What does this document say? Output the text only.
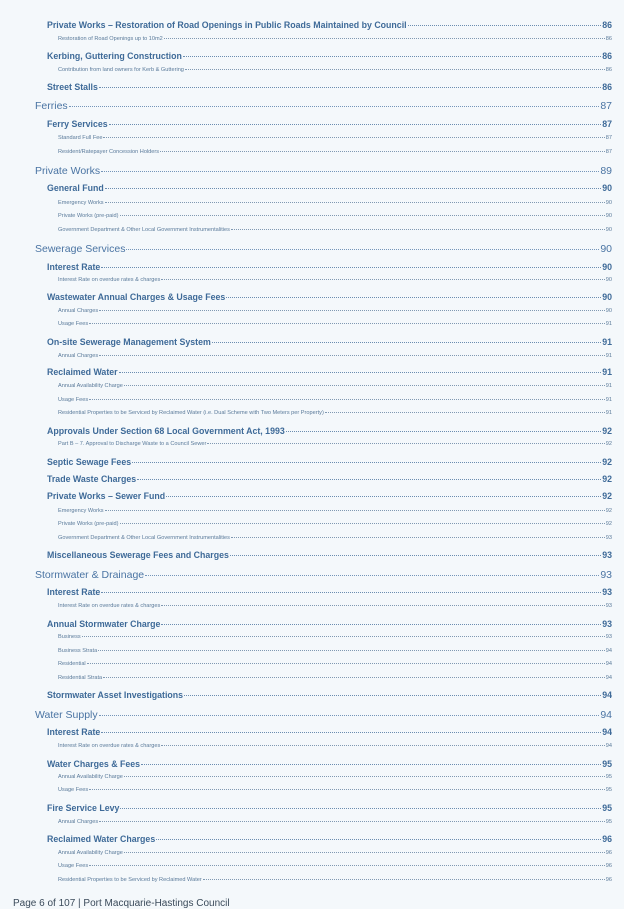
Private Works – Restoration of Road Openings in Public Roads Maintained by Council	86
Restoration of Road Openings up to 10m2	86
Kerbing, Guttering Construction	86
Contribution from land owners for Kerb & Guttering	86
Street Stalls	86
Ferries	87
Ferry Services	87
Standard Full Fee	87
Resident/Ratepayer Concession Holders	87
Private Works	89
General Fund	90
Emergency Works	90
Private Works (pre-paid)	90
Government Department & Other Local Government Instrumentalities	90
Sewerage Services	90
Interest Rate	90
Interest Rate on overdue rates & charges	90
Wastewater Annual Charges & Usage Fees	90
Annual Charges	90
Usage Fees	91
On-site Sewerage Management System	91
Annual Charges	91
Reclaimed Water	91
Annual Availability Charge	91
Usage Fees	91
Residential Properties to be Serviced by Reclaimed Water (i.e. Dual Scheme with Two Meters per Property)	91
Approvals Under Section 68 Local Government Act, 1993	92
Part B – 7. Approval to Discharge Waste to a Council Sewer	92
Septic Sewage Fees	92
Trade Waste Charges	92
Private Works – Sewer Fund	92
Emergency Works	92
Private Works (pre-paid)	92
Government Department & Other Local Government Instrumentalities	93
Miscellaneous Sewerage Fees and Charges	93
Stormwater & Drainage	93
Interest Rate	93
Interest Rate on overdue rates & charges	93
Annual Stormwater Charge	93
Business	93
Business Strata	94
Residential	94
Residential Strata	94
Stormwater Asset Investigations	94
Water Supply	94
Interest Rate	94
Interest Rate on overdue rates & charges	94
Water Charges & Fees	95
Annual Availability Charge	95
Usage Fees	95
Fire Service Levy	95
Annual Charges	95
Reclaimed Water Charges	96
Annual Availability Charge	96
Usage Fees	96
Residential Properties to be Serviced by Reclaimed Water	96
Page 6 of 107 | Port Macquarie-Hastings Council
